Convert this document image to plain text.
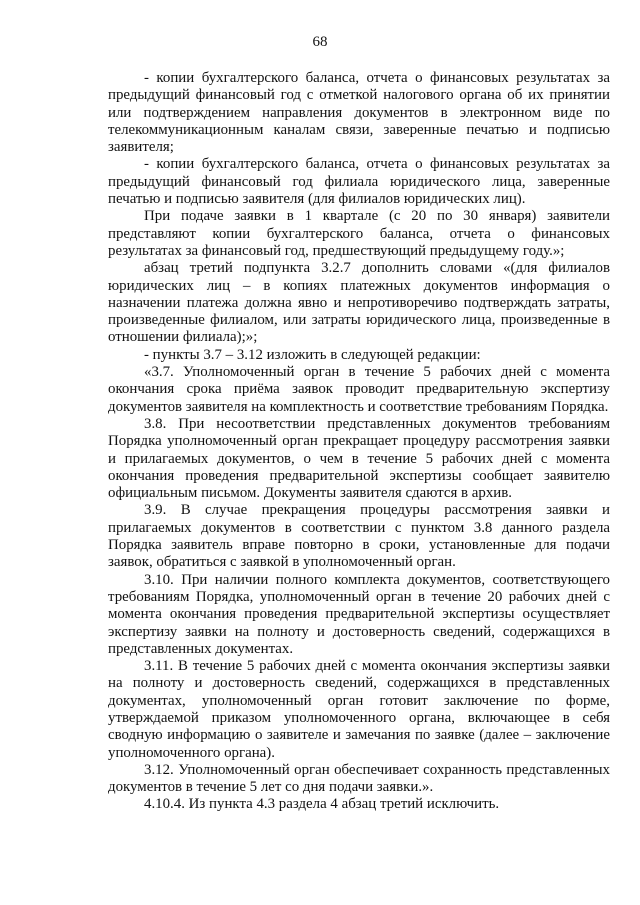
68

- копии бухгалтерского баланса, отчета о финансовых результатах за предыдущий финансовый год с отметкой налогового органа об их принятии или подтверждением направления документов в электронном виде по телекоммуникационным каналам связи, заверенные печатью и подписью заявителя;

- копии бухгалтерского баланса, отчета о финансовых результатах за предыдущий финансовый год филиала юридического лица, заверенные печатью и подписью заявителя (для филиалов юридических лиц).

При подаче заявки в 1 квартале (с 20 по 30 января) заявители представляют копии бухгалтерского баланса, отчета о финансовых результатах за финансовый год, предшествующий предыдущему году.»;

абзац третий подпункта 3.2.7 дополнить словами «(для филиалов юридических лиц – в копиях платежных документов информация о назначении платежа должна явно и непротиворечиво подтверждать затраты, произведенные филиалом, или затраты юридического лица, произведенные в отношении филиала);»;

- пункты 3.7 – 3.12 изложить в следующей редакции:

«3.7. Уполномоченный орган в течение 5 рабочих дней с момента окончания срока приёма заявок проводит предварительную экспертизу документов заявителя на комплектность и соответствие требованиям Порядка.

3.8. При несоответствии представленных документов требованиям Порядка уполномоченный орган прекращает процедуру рассмотрения заявки и прилагаемых документов, о чем в течение 5 рабочих дней с момента окончания проведения предварительной экспертизы сообщает заявителю официальным письмом. Документы заявителя сдаются в архив.

3.9. В случае прекращения процедуры рассмотрения заявки и прилагаемых документов в соответствии с пунктом 3.8 данного раздела Порядка заявитель вправе повторно в сроки, установленные для подачи заявок, обратиться с заявкой в уполномоченный орган.

3.10. При наличии полного комплекта документов, соответствующего требованиям Порядка, уполномоченный орган в течение 20 рабочих дней с момента окончания проведения предварительной экспертизы осуществляет экспертизу заявки на полноту и достоверность сведений, содержащихся в представленных документах.

3.11. В течение 5 рабочих дней с момента окончания экспертизы заявки на полноту и достоверность сведений, содержащихся в представленных документах, уполномоченный орган готовит заключение по форме, утверждаемой приказом уполномоченного органа, включающее в себя сводную информацию о заявителе и замечания по заявке (далее – заключение уполномоченного органа).

3.12. Уполномоченный орган обеспечивает сохранность представленных документов в течение 5 лет со дня подачи заявки.».

4.10.4. Из пункта 4.3 раздела 4 абзац третий исключить.
